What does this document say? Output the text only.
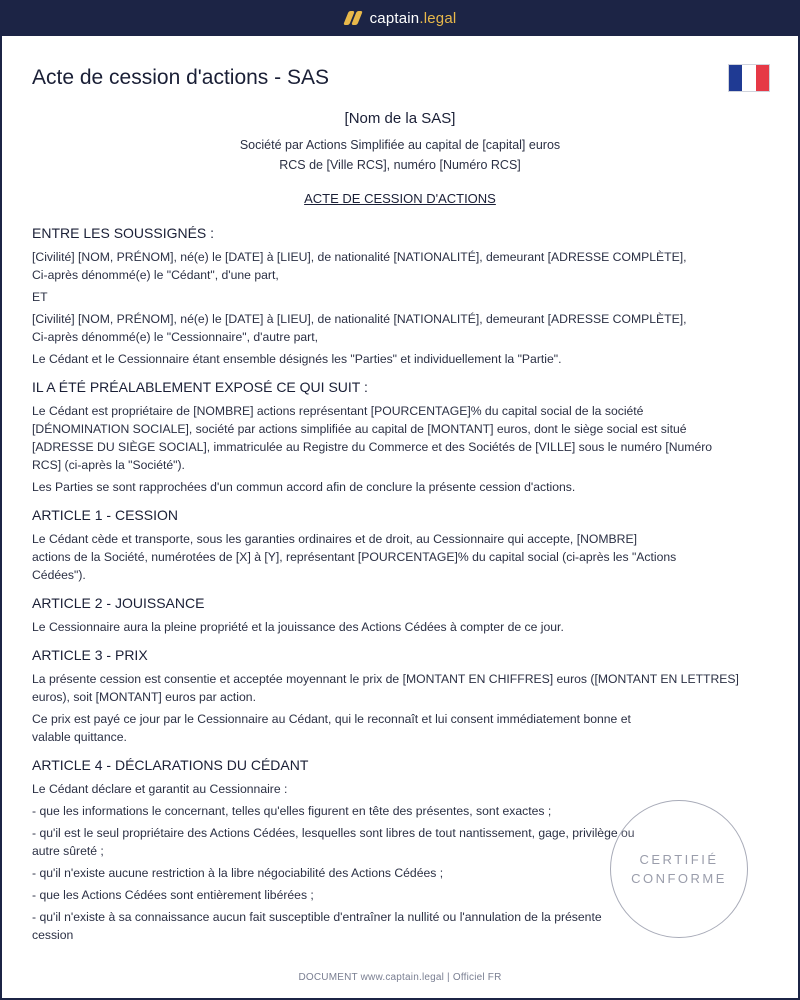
captain.legal
Acte de cession d'actions - SAS
[Nom de la SAS]
Société par Actions Simplifiée au capital de [capital] euros
RCS de [Ville RCS], numéro [Numéro RCS]
ACTE DE CESSION D'ACTIONS
ENTRE LES SOUSSIGNÉS :
[Civilité] [NOM, PRÉNOM], né(e) le [DATE] à [LIEU], de nationalité [NATIONALITÉ], demeurant [ADRESSE COMPLÈTE],
Ci-après dénommé(e) le "Cédant", d'une part,
ET
[Civilité] [NOM, PRÉNOM], né(e) le [DATE] à [LIEU], de nationalité [NATIONALITÉ], demeurant [ADRESSE COMPLÈTE],
Ci-après dénommé(e) le "Cessionnaire", d'autre part,
Le Cédant et le Cessionnaire étant ensemble désignés les "Parties" et individuellement la "Partie".
IL A ÉTÉ PRÉALABLEMENT EXPOSÉ CE QUI SUIT :
Le Cédant est propriétaire de [NOMBRE] actions représentant [POURCENTAGE]% du capital social de la société
[DÉNOMINATION SOCIALE], société par actions simplifiée au capital de [MONTANT] euros, dont le siège social est situé
[ADRESSE DU SIÈGE SOCIAL], immatriculée au Registre du Commerce et des Sociétés de [VILLE] sous le numéro [Numéro
RCS] (ci-après la "Société").
Les Parties se sont rapprochées d'un commun accord afin de conclure la présente cession d'actions.
ARTICLE 1 - CESSION
Le Cédant cède et transporte, sous les garanties ordinaires et de droit, au Cessionnaire qui accepte, [NOMBRE]
actions de la Société, numérotées de [X] à [Y], représentant [POURCENTAGE]% du capital social (ci-après les "Actions
Cédées").
ARTICLE 2 - JOUISSANCE
Le Cessionnaire aura la pleine propriété et la jouissance des Actions Cédées à compter de ce jour.
ARTICLE 3 - PRIX
La présente cession est consentie et acceptée moyennant le prix de [MONTANT EN CHIFFRES] euros ([MONTANT EN LETTRES]
euros), soit [MONTANT] euros par action.
Ce prix est payé ce jour par le Cessionnaire au Cédant, qui le reconnaît et lui consent immédiatement bonne et
valable quittance.
ARTICLE 4 - DÉCLARATIONS DU CÉDANT
Le Cédant déclare et garantit au Cessionnaire :
- que les informations le concernant, telles qu'elles figurent en tête des présentes, sont exactes ;
- qu'il est le seul propriétaire des Actions Cédées, lesquelles sont libres de tout nantissement, gage, privilège ou
autre sûreté ;
- qu'il n'existe aucune restriction à la libre négociabilité des Actions Cédées ;
- que les Actions Cédées sont entièrement libérées ;
- qu'il n'existe à sa connaissance aucun fait susceptible d'entraîner la nullité ou l'annulation de la présente
cession
CERTIFIÉ
CONFORME
DOCUMENT www.captain.legal | Officiel FR
